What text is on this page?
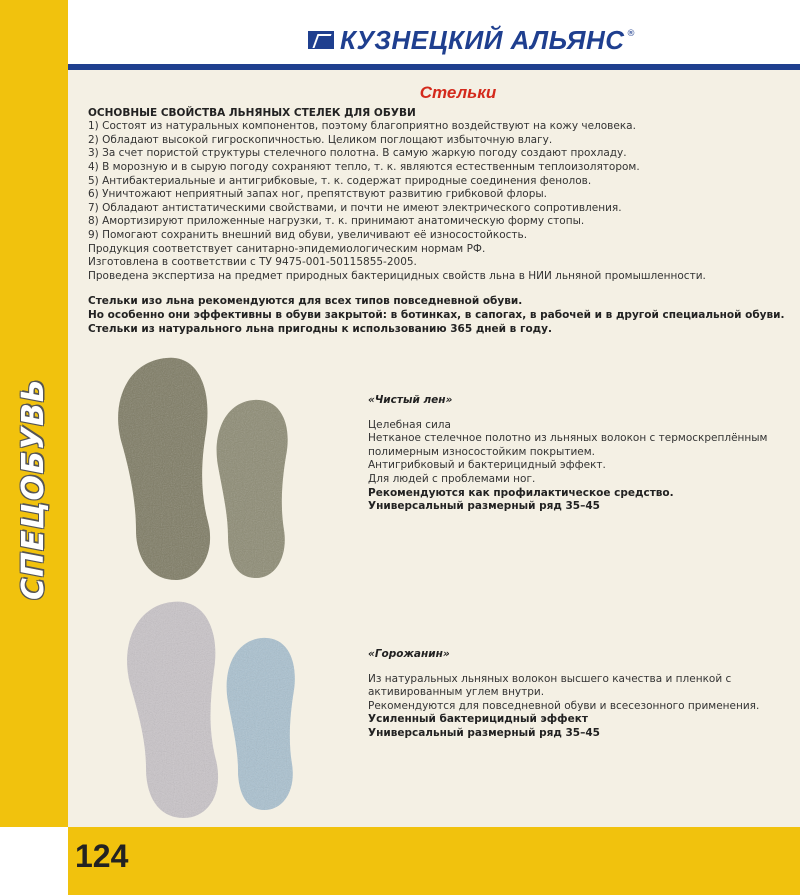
СПЕЦОБУВЬ
КУЗНЕЦКИЙ АЛЬЯНС ®
Стельки
ОСНОВНЫЕ СВОЙСТВА ЛЬНЯНЫХ СТЕЛЕК ДЛЯ ОБУВИ
1) Состоят из натуральных компонентов, поэтому благоприятно воздействуют на кожу человека.
2) Обладают высокой гигроскопичностью. Целиком поглощают избыточную влагу.
3) За счет пористой структуры стелечного полотна. В самую жаркую погоду создают прохладу.
4) В морозную и в сырую погоду сохраняют тепло, т. к. являются естественным теплоизолятором.
5) Антибактериальные и антигрибковые, т. к. содержат природные соединения фенолов.
6) Уничтожают неприятный запах ног, препятствуют развитию грибковой флоры.
7) Обладают антистатическими свойствами, и почти не имеют электрического сопротивления.
8) Амортизируют приложенные нагрузки, т. к. принимают анатомическую форму стопы.
9) Помогают сохранить внешний вид обуви, увеличивают её износостойкость.
Продукция соответствует санитарно-эпидемиологическим нормам РФ.
Изготовлена в соответствии с ТУ 9475-001-50115855-2005.
Проведена экспертиза на предмет природных бактерицидных свойств льна в НИИ льняной промышленности.
Стельки изо льна рекомендуются для всех типов повседневной обуви.
Но особенно они эффективны в обуви закрытой: в ботинках, в сапогах, в рабочей и в другой специальной обуви.
Стельки из натурального льна пригодны к использованию 365 дней в году.
«Чистый лен»
Целебная сила
Нетканое стелечное полотно из льняных волокон с термоскреплённым
полимерным износостойким покрытием.
Антигрибковый и бактерицидный эффект.
Для людей с проблемами ног.
Рекомендуются как профилактическое средство.
Универсальный размерный ряд 35–45
«Горожанин»
Из натуральных льняных волокон высшего качества и пленкой с
активированным углем внутри.
Рекомендуются для повседневной обуви и всесезонного применения.
Усиленный бактерицидный эффект
Универсальный размерный ряд 35–45
124
